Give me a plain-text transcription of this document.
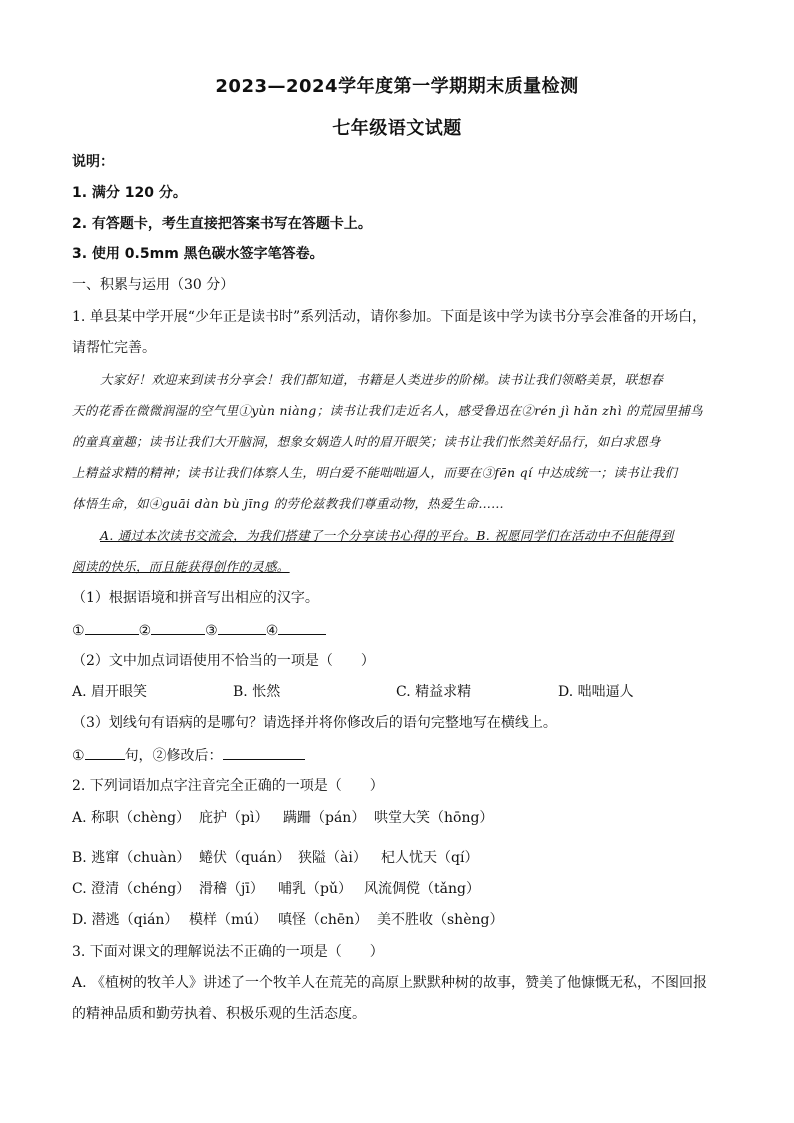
2023—2024学年度第一学期期末质量检测
七年级语文试题
说明：
1. 满分 120 分。
2. 有答题卡，考生直接把答案书写在答题卡上。
3. 使用 0.5mm 黑色碳水签字笔答卷。
一、积累与运用（30 分）
1. 单县某中学开展“少年正是读书时”系列活动，请你参加。下面是该中学为读书分享会准备的开场白，
请帮忙完善。
大家好！欢迎来到读书分享会！我们都知道，书籍是人类进步的阶梯。读书让我们领略美景，联想春
天的花香在微微润湿的空气里①yùn niàng；读书让我们走近名人，感受鲁迅在②rén jì hǎn zhì 的荒园里捕鸟
的童真童趣；读书让我们大开脑洞，想象女娲造人时的眉开眼笑；读书让我们怅然美好品行，如白求恩身
上精益求精的精神；读书让我们体察人生，明白爱不能咄咄逼人，而要在③fēn qí 中达成统一；读书让我们
体悟生命，如④guāi dàn bù jīng 的劳伦兹教我们尊重动物，热爱生命……
A. 通过本次读书交流会，为我们搭建了一个分享读书心得的平台。B. 祝愿同学们在活动中不但能得到
阅读的快乐，而且能获得创作的灵感。
（1）根据语境和拼音写出相应的汉字。
①	②	③	④
（2）文中加点词语使用不恰当的一项是（　　）
A. 眉开眼笑	B. 怅然	C. 精益求精	D. 咄咄逼人
（3）划线句有语病的是哪句？请选择并将你修改后的语句完整地写在横线上。
①	句，②修改后：
2. 下列词语加点字注音完全正确的一项是（　　）
A. 称职（chèng） 庇护（pì） 蹒跚（pán） 哄堂大笑（hōng）
B. 逃窜（chuàn） 蜷伏（quán） 狭隘（ài） 杞人忧天（qí）
C. 澄清（chéng） 滑稽（jī） 哺乳（pǔ） 风流倜傥（tǎng）
D. 潜逃（qián） 模样（mú） 嗔怪（chēn） 美不胜收（shèng）
3. 下面对课文的理解说法不正确的一项是（　　）
A. 《植树的牧羊人》讲述了一个牧羊人在荒芜的高原上默默种树的故事，赞美了他慷慨无私，不图回报
的精神品质和勤劳执着、积极乐观的生活态度。
